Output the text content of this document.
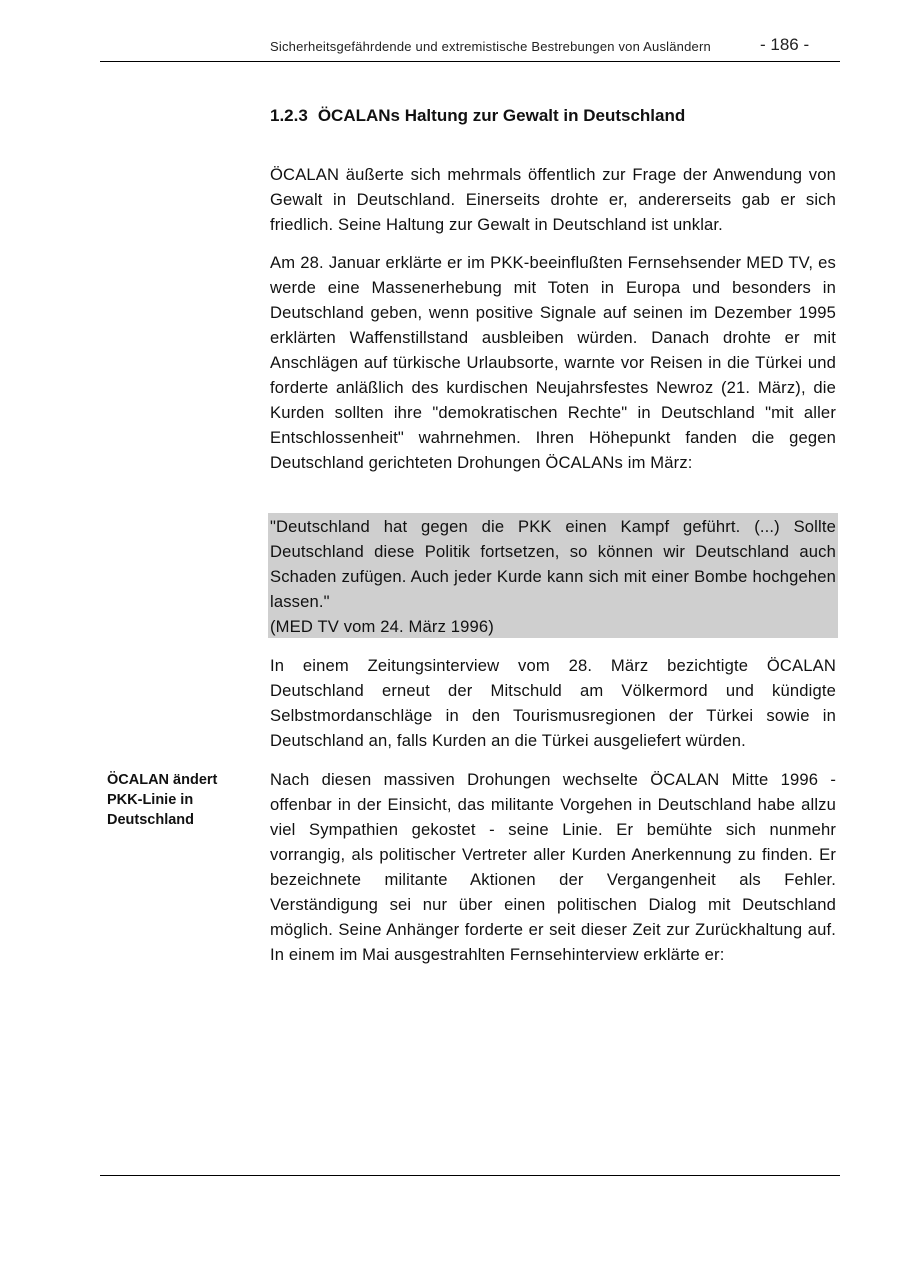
Sicherheitsgefährdende und extremistische Bestrebungen von Ausländern	- 186 -
1.2.3 ÖCALANs Haltung zur Gewalt in Deutschland

ÖCALAN äußerte sich mehrmals öffentlich zur Frage der Anwendung von Gewalt in Deutschland. Einerseits drohte er, andererseits gab er sich friedlich. Seine Haltung zur Gewalt in Deutschland ist unklar.

Am 28. Januar erklärte er im PKK-beeinflußten Fernsehsender MED TV, es werde eine Massenerhebung mit Toten in Europa und besonders in Deutschland geben, wenn positive Signale auf seinen im Dezember 1995 erklärten Waffenstillstand ausbleiben würden. Danach drohte er mit Anschlägen auf türkische Urlaubsorte, warnte vor Reisen in die Türkei und forderte anläßlich des kurdischen Neujahrsfestes Newroz (21. März), die Kurden sollten ihre "demokratischen Rechte" in Deutschland "mit aller Entschlossenheit" wahrnehmen. Ihren Höhepunkt fanden die gegen Deutschland gerichteten Drohungen ÖCALANs im März:

"Deutschland hat gegen die PKK einen Kampf geführt. (...) Sollte Deutschland diese Politik fortsetzen, so können wir Deutschland auch Schaden zufügen. Auch jeder Kurde kann sich mit einer Bombe hochgehen lassen."

(MED TV vom 24. März 1996)

In einem Zeitungsinterview vom 28. März bezichtigte ÖCALAN Deutschland erneut der Mitschuld am Völkermord und kündigte Selbstmordanschläge in den Tourismusregionen der Türkei sowie in Deutschland an, falls Kurden an die Türkei ausgeliefert würden.

ÖCALAN ändert
PKK-Linie in
Deutschland

Nach diesen massiven Drohungen wechselte ÖCALAN Mitte 1996 - offenbar in der Einsicht, das militante Vorgehen in Deutschland habe allzu viel Sympathien gekostet - seine Linie. Er bemühte sich nunmehr vorrangig, als politischer Vertreter aller Kurden Anerkennung zu finden. Er bezeichnete militante Aktionen der Vergangenheit als Fehler. Verständigung sei nur über einen politischen Dialog mit Deutschland möglich. Seine Anhänger forderte er seit dieser Zeit zur Zurückhaltung auf. In einem im Mai ausgestrahlten Fernsehinterview erklärte er:
